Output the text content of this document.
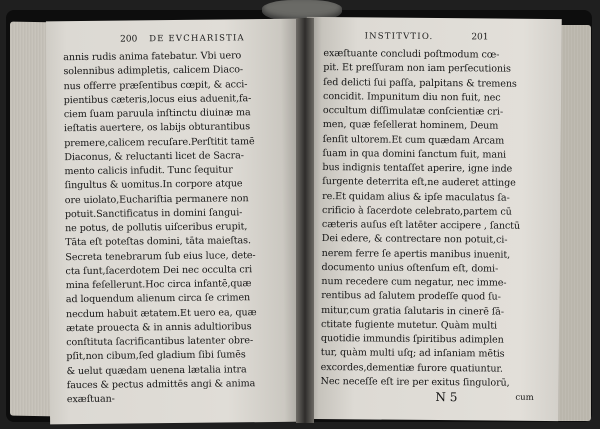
200 DE EVCHARISTIA
annis rudis anima fatebatur. Vbi uero
solennibus adimpletis, calicem Diaco-
nus offerre præſentibus cœpit, & acci-
pientibus cæteris,locus eius aduenit,fa-
ciem ſuam paruula inſtinctu diuinæ ma
ieſtatis auertere, os labijs obturantibus
premere,calicem recuſare.Perſtitit tamē
Diaconus, & reluctanti licet de Sacra-
mento calicis infudit. Tunc ſequitur
ſingultus & uomitus.In corpore atque
ore uiolato,Euchariſtia permanere non
potuit.Sanctificatus in domini ſangui-
ne potus, de pollutis uiſceribus erupit,
Tāta eſt poteſtas domini, tāta maieſtas.
Secreta tenebrarum ſub eius luce, dete-
cta ſunt,ſacerdotem Dei nec occulta cri
mina feſellerunt.Hoc circa infantē,quæ
ad loquendum alienum circa ſe crimen
necdum habuit ætatem.Et uero ea, quæ
ætate prouecta & in annis adultioribus
conſtituta ſacrificantibus latenter obre-
pſit,non cibum,ſed gladium ſibi ſumēs
& uelut quædam uenena lætalia intra
fauces & pectus admittēs angi & anima
exæſtuan-
INSTITVTIO.	201
exæſtuante concludi poſtmodum cœ-
pit. Et preſſuram non iam perſecutionis
ſed delicti ſui paſſa, palpitans & tremens
concidit. Impunitum diu non fuit, nec
occultum diſſimulatæ conſcientiæ cri-
men, quæ feſellerat hominem, Deum
ſenſit ultorem.Et cum quædam Arcam
ſuam in qua domini ſanctum fuit, mani
bus indignis tentaſſet aperire, igne inde
ſurgente deterrita eſt,ne auderet attinge
re.Et quidam alius & ipſe maculatus ſa-
crificio à ſacerdote celebrato,partem cū
cæteris auſus eſt latēter accipere , ſanctū
Dei edere, & contrectare non potuit,ci-
nerem ferre ſe apertis manibus inuenit,
documento unius oſtenſum eſt, domi-
num recedere cum negatur, nec imme-
rentibus ad ſalutem prodeſſe quod ſu-
mitur,cum gratia ſalutaris in cinerē ſā-
ctitate fugiente mutetur. Quàm multi
quotidie immundis ſpiritibus adimplen
tur, quàm multi uſq; ad inſaniam mētis
excordes,dementiæ furore quatiuntur.
Nec neceſſe eſt ire per exitus ſingulorū,
N 5	cum
